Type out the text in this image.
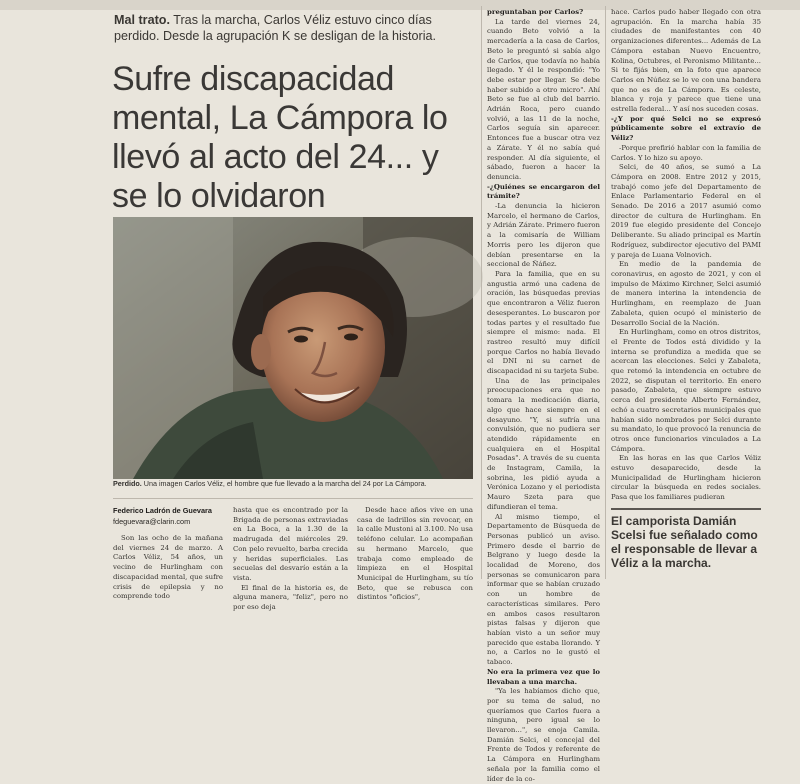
Mal trato. Tras la marcha, Carlos Véliz estuvo cinco días perdido. Desde la agrupación K se desligan de la historia.
Sufre discapacidad mental, La Cámpora lo llevó al acto del 24... y se lo olvidaron
Perdido. Una imagen Carlos Véliz, el hombre que fue llevado a la marcha del 24 por La Cámpora.
Federico Ladrón de Guevara
fdeguevara@clarin.com

Son las ocho de la mañana del viernes 24 de marzo. A Carlos Véliz, 54 años, un vecino de Hurlingham con discapacidad mental, que sufre crisis de epilepsia y no comprende todo

hasta que es encontrado por la Brigada de personas extraviadas en La Boca, a la 1.30 de la madrugada del miércoles 29. Con pelo revuelto, barba crecida y heridas superficiales. Las secuelas del desvarío están a la vista.

El final de la historia es, de alguna manera, "feliz", pero no por eso deja

Desde hace años vive en una casa de ladrillos sin revocar, en la calle Mustoni al 3.100. No usa teléfono celular. Lo acompañan su hermano Marcelo, que trabaja como empleado de limpieza en el Hospital Municipal de Hurlingham, su tío Beto, que se rebusca con distintos "oficios",

preguntaban por Carlos?

La tarde del viernes 24, cuando Beto volvió a la mercadería a la casa de Carlos, Beto le preguntó si sabía algo de Carlos, que todavía no había llegado. Y él le respondió: "Yo debe estar por llegar. Se debe haber subido a otro micro". Ahí Beto se fue al club del barrio. Adrián Roca, pero cuando volvió, a las 11 de la noche, Carlos seguía sin aparecer. Entonces fue a buscar otra vez a Zárate. Y él no sabía qué responder. Al día siguiente, el sábado, fueron a hacer la denuncia.

-¿Quiénes se encargaron del trámite?

-La denuncia la hicieron Marcelo, el hermano de Carlos, y Adrián Zárate. Primero fueron a la comisaría de William Morris pero les dijeron que debían presentarse en la seccional de Ñáñez.

Para la familia, que en su angustia armó una cadena de oración, las búsquedas previas que encontraron a Véliz fueron desesperantes. Lo buscaron por todas partes y el resultado fue siempre el mismo: nada. El rastreo resultó muy difícil porque Carlos no había llevado el DNI ni su carnet de discapacidad ni su tarjeta Sube.

Una de las principales preocupaciones era que no tomara la medicación diaria, algo que hace siempre en el desayuno. "Y, si sufría una convulsión, que no pudiera ser atendido rápidamente en cualquiera en el Hospital Posadas". A través de su cuenta de Instagram, Camila, la sobrina, les pidió ayuda a Verónica Lozano y el periodista Mauro Szeta para que difundieran el tema.

Al mismo tiempo, el Departamento de Búsqueda de Personas publicó un aviso. Primero desde el barrio de Belgrano y luego desde la localidad de Moreno, dos personas se comunicaron para informar que se habían cruzado con un hombre de características similares. Pero en ambos casos resultaron pistas falsas y dijeron que habían visto a un señor muy parecido que estaba llorando. Y no, a Carlos no le gustó el tabaco.

No era la primera vez que lo llevaban a una marcha.

"Ya les habíamos dicho que, por su tema de salud, no queríamos que Carlos fuera a ninguna, pero igual se lo llevaron...", se enoja Camila. Damián Selci, el concejal del Frente de Todos y referente de La Cámpora en Hurlingham señala por la familia como el líder de la co-

hace. Carlos pudo haber llegado con otra agrupación. En la marcha había 35 ciudades de manifestantes con 40 organizaciones diferentes... Además de La Cámpora estaban Nuevo Encuentro, Kolina, Octubres, el Peronismo Militante... Si te fijás bien, en la foto que aparece Carlos en Núñez se lo ve con una bandera que no es de La Cámpora. Es celeste, blanca y roja y parece que tiene una estrella federal... Y así nos suceden cosas.

-¿Y por qué Selci no se expresó públicamente sobre el extravío de Véliz?

-Porque prefirió hablar con la familia de Carlos. Y lo hizo su apoyo.

Selci, de 40 años, se sumó a La Cámpora en 2008. Entre 2012 y 2015, trabajó como jefe del Departamento de Enlace Parlamentario Federal en el Senado. De 2016 a 2017 asumió como director de cultura de Hurlingham. En 2019 fue elegido presidente del Concejo Deliberante. Su aliado principal es Martín Rodríguez, subdirector ejecutivo del PAMI y pareja de Luana Volnovich.

En medio de la pandemia de coronavirus, en agosto de 2021, y con el impulso de Máximo Kirchner, Selci asumió de manera interina la intendencia de Hurlingham, en reemplazo de Juan Zabaleta, quien ocupó el ministerio de Desarrollo Social de la Nación.

En Hurlingham, como en otros distritos, el Frente de Todos está dividido y la interna se profundiza a medida que se acercan las elecciones. Selci y Zabaleta, que retomó la intendencia en octubre de 2022, se disputan el territorio. En enero pasado, Zabaleta, que siempre estuvo cerca del presidente Alberto Fernández, echó a cuatro secretarios municipales que habían sido nombrados por Selci durante su mandato, lo que provocó la renuncia de otros once funcionarios vinculados a La Cámpora.

En las horas en las que Carlos Véliz estuvo desaparecido, desde la Municipalidad de Hurlingham hicieron circular la búsqueda en redes sociales. Pasa que los familiares pudieran

El camporista Damián Scelsi fue señalado como el responsable de llevar a Véliz a la marcha.
